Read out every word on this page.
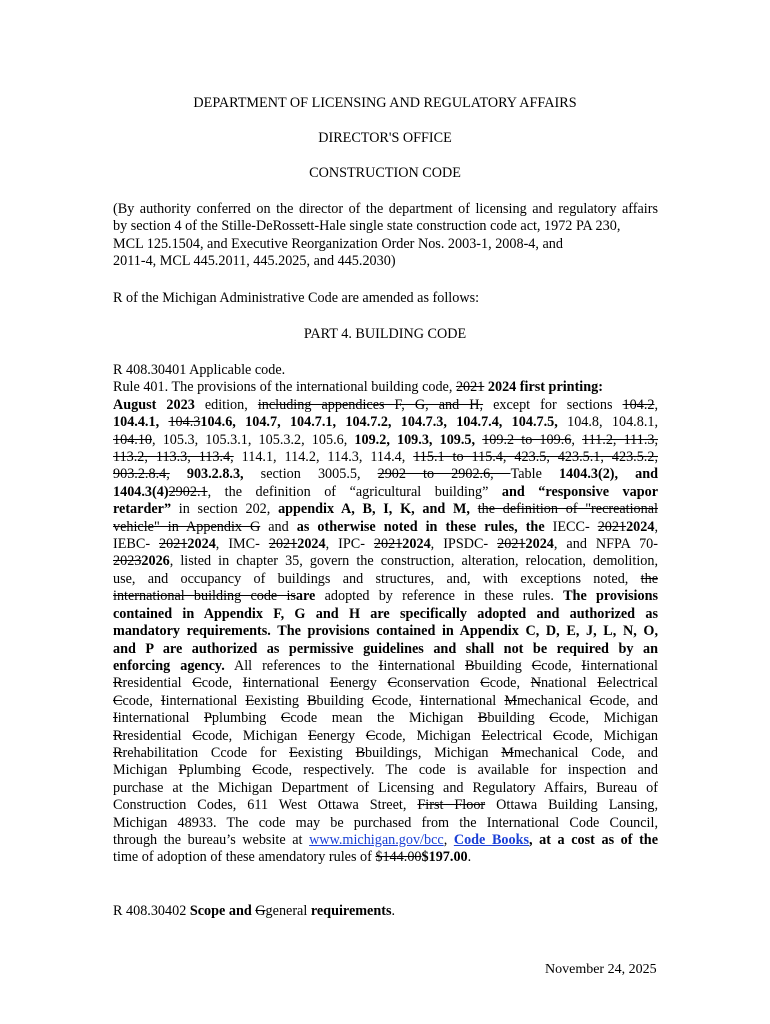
DEPARTMENT OF LICENSING AND REGULATORY AFFAIRS
DIRECTOR'S OFFICE
CONSTRUCTION CODE
(By authority conferred on the director of the department of licensing and regulatory affairs
by section 4 of the Stille-DeRossett-Hale single state construction code act, 1972 PA 230,
MCL 125.1504, and Executive Reorganization Order Nos. 2003-1, 2008-4, and
2011-4, MCL 445.2011, 445.2025, and 445.2030)
R of the Michigan Administrative Code are amended as follows:
PART 4. BUILDING CODE
R 408.30401 Applicable code.
Rule 401. The provisions of the international building code, 2021 2024 first printing:
August 2023 edition, including appendices F, G, and H, except for sections 104.2,
104.4.1, 104.3104.6, 104.7, 104.7.1, 104.7.2, 104.7.3, 104.7.4, 104.7.5, 104.8, 104.8.1,
104.10, 105.3, 105.3.1, 105.3.2, 105.6, 109.2, 109.3, 109.5, 109.2 to 109.6, 111.2, 111.3,
113.2, 113.3, 113.4, 114.1, 114.2, 114.3, 114.4, 115.1 to 115.4, 423.5, 423.5.1, 423.5.2,
903.2.8.4, 903.2.8.3, section 3005.5, 2902 to 2902.6, Table 1404.3(2), and
1404.3(4)2902.1, the definition of “agricultural building” and “responsive vapor
retarder” in section 202, appendix A, B, I, K, and M, the definition of "recreational
vehicle" in Appendix G and as otherwise noted in these rules, the IECC- 20212024,
IEBC- 20212024, IMC- 20212024, IPC- 20212024, IPSDC- 20212024, and NFPA 70-
20232026, listed in chapter 35, govern the construction, alteration, relocation, demolition,
use, and occupancy of buildings and structures, and, with exceptions noted, the
international building code isare adopted by reference in these rules. The provisions
contained in Appendix F, G and H are specifically adopted and authorized as
mandatory requirements. The provisions contained in Appendix C, D, E, J, L, N, O,
and P are authorized as permissive guidelines and shall not be required by an
enforcing agency. All references to the Iinternational Bbuilding Ccode, Iinternational
Rresidential Ccode, Iinternational Eenergy Cconservation Ccode, Nnational Eelectrical
Ccode, Iinternational Eexisting Bbuilding Ccode, Iinternational Mmechanical Ccode, and
Iinternational Pplumbing Ccode mean the Michigan Bbuilding Ccode, Michigan
Rresidential Ccode, Michigan Eenergy Ccode, Michigan Eelectrical Ccode, Michigan
Rrehabilitation Ccode for Eexisting Bbuildings, Michigan Mmechanical Code, and
Michigan Pplumbing Ccode, respectively. The code is available for inspection and
purchase at the Michigan Department of Licensing and Regulatory Affairs, Bureau of
Construction Codes, 611 West Ottawa Street, First Floor Ottawa Building Lansing,
Michigan 48933. The code may be purchased from the International Code Council,
through the bureau’s website at www.michigan.gov/bcc, Code Books, at a cost as of the
time of adoption of these amendatory rules of $144.00$197.00.
R 408.30402 Scope and Ggeneral requirements.
November 24, 2025
